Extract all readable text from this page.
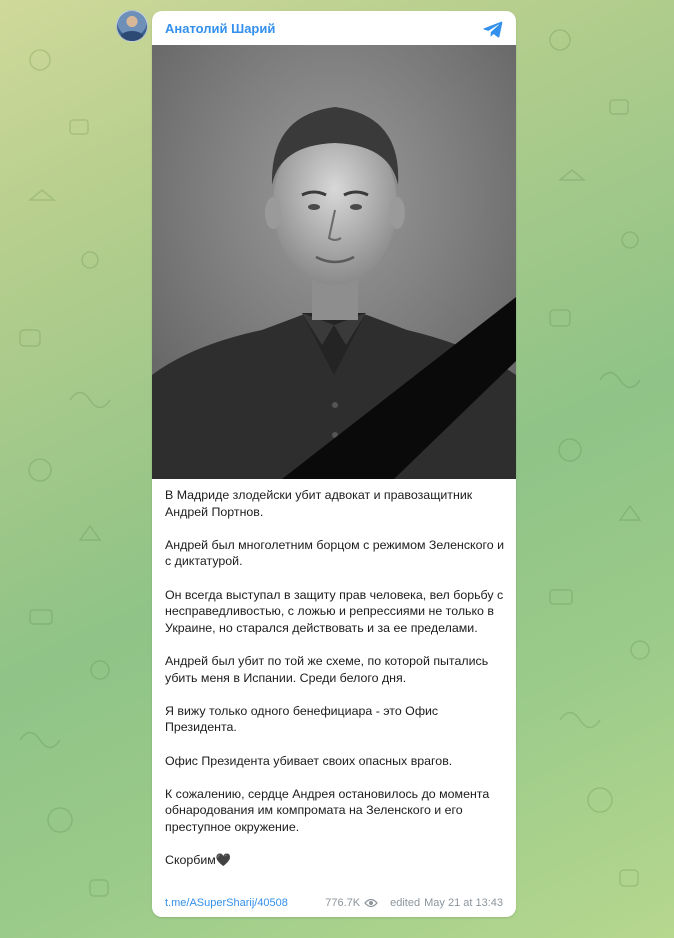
Анатолий Шарий

В Мадриде злодейски убит адвокат и правозащитник Андрей Портнов.

Андрей был многолетним борцом с режимом Зеленского и с диктатурой.

Он всегда выступал в защиту прав человека, вел борьбу с несправедливостью, с ложью и репрессиями не только в Украине, но старался действовать и за ее пределами.

Андрей был убит по той же схеме, по которой пытались убить меня в Испании. Среди белого дня.

Я вижу только одного бенефициара - это Офис Президента.

Офис Президента убивает своих опасных врагов.

К сожалению, сердце Андрея остановилось до момента обнародования им компромата на Зеленского и его преступное окружение.

Скорбим🖤

t.me/ASuperSharij/40508	776.7K	edited May 21 at 13:43
